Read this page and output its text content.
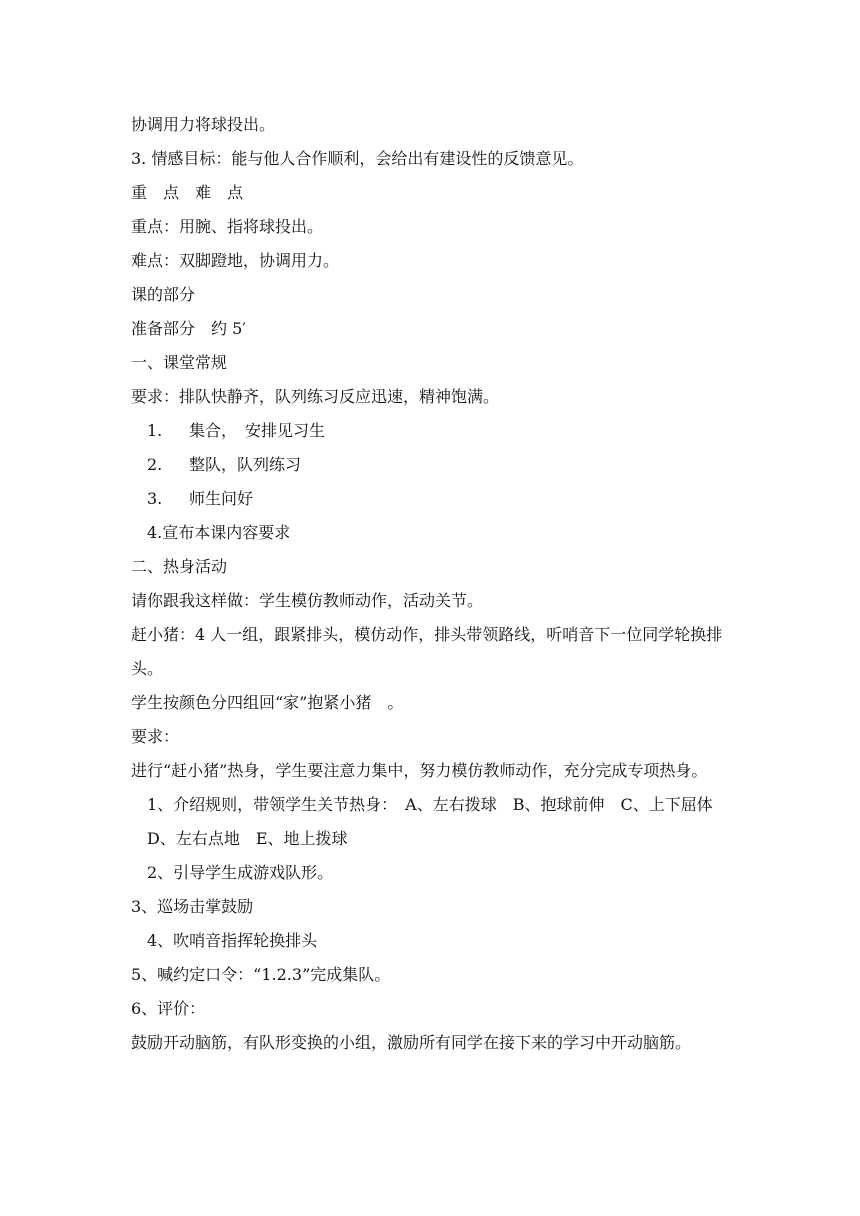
协调用力将球投出。
3. 情感目标：能与他人合作顺利，会给出有建设性的反馈意见。
重　点　难　点
重点：用腕、指将球投出。
难点：双脚蹬地，协调用力。
课的部分
准备部分　约 5′
一、课堂常规
要求：排队快静齐，队列练习反应迅速，精神饱满。
1. 集合，　安排见习生
2. 整队，队列练习
3. 师生问好
4.宣布本课内容要求
二、热身活动
请你跟我这样做：学生模仿教师动作，活动关节。
赶小猪：4 人一组，跟紧排头，模仿动作，排头带领路线，听哨音下一位同学轮换排头。
学生按颜色分四组回“家”抱紧小猪　。
要求：
进行“赶小猪”热身，学生要注意力集中，努力模仿教师动作，充分完成专项热身。
1、介绍规则，带领学生关节热身：　A、左右拨球　B、抱球前伸　C、上下屈体　D、左右点地　E、地上拨球
2、引导学生成游戏队形。
3、巡场击掌鼓励
4、吹哨音指挥轮换排头
5、喊约定口令：“1.2.3”完成集队。
6、评价：
鼓励开动脑筋，有队形变换的小组，激励所有同学在接下来的学习中开动脑筋。
